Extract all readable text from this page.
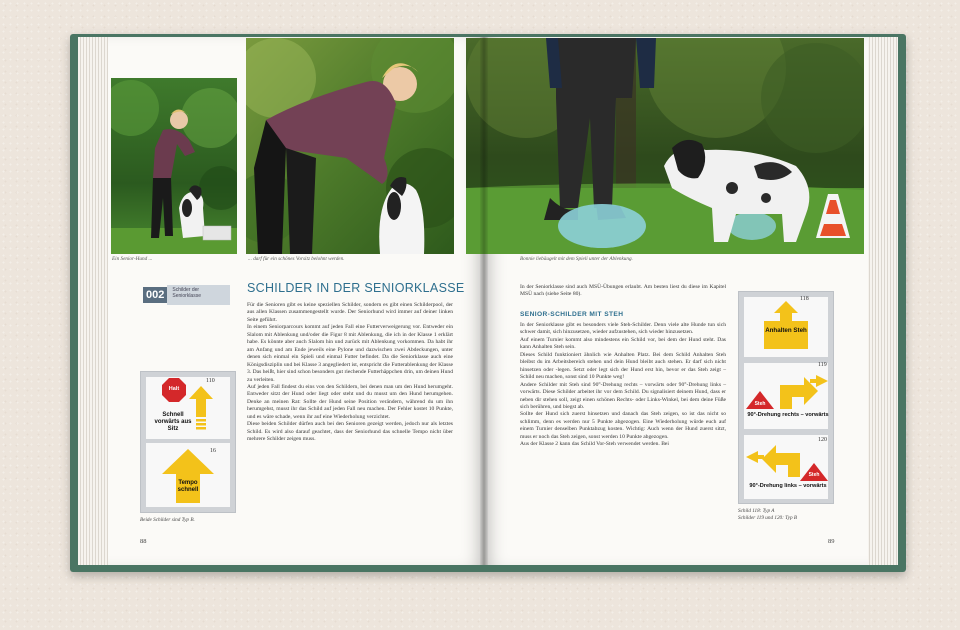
Ein Senior-Hund ...	... darf für ein schönes Vorsitz belohnt werden.
002	Schilder der Seniorklasse
SCHILDER IN DER SENIORKLASSE

Für die Senioren gibt es keine speziellen Schilder, sondern es gibt einen Schilderpool, der aus allen Klassen zusammengestellt wurde. Der Seniorhund wird immer auf deiner linken Seite geführt.

In einem Seniorparcours kommt auf jeden Fall eine Futterverweigerung vor. Entweder ein Slalom mit Ablenkung und/oder die Figur 8 mit Ablenkung, die ich in der Klasse 1 erklärt habe. Es könnte aber auch Slalom hin und zurück mit Ablenkung vorkommen. Da habt ihr am Anfang und am Ende jeweils eine Pylone und dazwischen zwei Abdeckungen, unter denen sich einmal ein Spieli und einmal Futter befindet. Da die Seniorklasse auch eine Königsdisziplin und bei Klasse 3 angegliedert ist, entspricht die Futterablenkung der Klasse 3. Das heißt, hier sind schon besonders gut riechende Futterhäppchen drin, um deinen Hund zu verleiten.

Auf jeden Fall findest du eins von den Schildern, bei denen man um den Hund herumgeht. Entweder sitzt der Hund oder liegt oder steht und du musst um den Hund herumgehen. Denke an meinen Rat: Sollte der Hund seine Position verändern, während du um ihn herumgehst, musst ihr das Schild auf jeden Fall neu machen. Der Fehler kostet 10 Punkte, und es wäre schade, wenn ihr auf eine Wiederholung verzichtet.

Diese beiden Schilder dürfen auch bei den Senioren gezeigt werden, jedoch nur als letztes Schild. Es wird also darauf geachtet, dass der Seniorhund das schnelle Tempo nicht über mehrere Schilder zeigen muss.

Halt
110
Schnell vorwärts aus Sitz
16
Tempo schnell
Beide Schilder sind Typ B.
88
Bonnie liebäugelt mit dem Spieli unter der Ablenkung.

In der Seniorklasse sind auch MSÜ-Übungen erlaubt. Am besten liest du diese im Kapitel MSÜ nach (siehe Seite 80).

SENIOR-SCHILDER MIT STEH

In der Seniorklasse gibt es besonders viele Steh-Schilder. Denn viele alte Hunde tun sich schwer damit, sich hinzusetzen, wieder aufzustehen, sich wieder hinzusetzen.

Auf einem Turnier kommt also mindestens ein Schild vor, bei dem der Hund steht. Das kann Anhalten Steh sein.

Dieses Schild funktioniert ähnlich wie Anhalten Platz. Bei dem Schild Anhalten Steh bleibst du im Arbeitsbereich stehen und dein Hund bleibt auch stehen. Er darf sich nicht hinsetzen oder -legen. Setzt oder legt sich der Hund erst hin, bevor er das Steh zeigt – Schild neu machen, sonst sind 10 Punkte weg!

Andere Schilder mit Steh sind 90°-Drehung rechts – vorwärts oder 90°-Drehung links – vorwärts. Diese Schilder arbeitet ihr vor dem Schild. Du signalisiert deinem Hund, dass er neben dir stehen soll, zeigt einen schönen Rechts- oder Links-Winkel, bei dem deine Füße sich berühren, und biegst ab.

Sollte der Hund sich zuerst hinsetzen und danach das Steh zeigen, so ist das nicht so schlimm, denn es werden nur 5 Punkte abgezogen. Eine Wiederholung würde euch auf einem Turnier denselben Punktabzug kosten. Wichtig: Auch wenn der Hund zuerst sitzt, muss er noch das Steh zeigen, sonst werden 10 Punkte abgezogen.

Aus der Klasse 2 kann das Schild Vor-Steh verwendet werden. Bei

118
Anhalten Steh
119
Steh
90°-Drehung rechts – vorwärts
120
Steh
90°-Drehung links – vorwärts
Schild 118: Typ A
Schilder 119 und 120: Typ B
89
